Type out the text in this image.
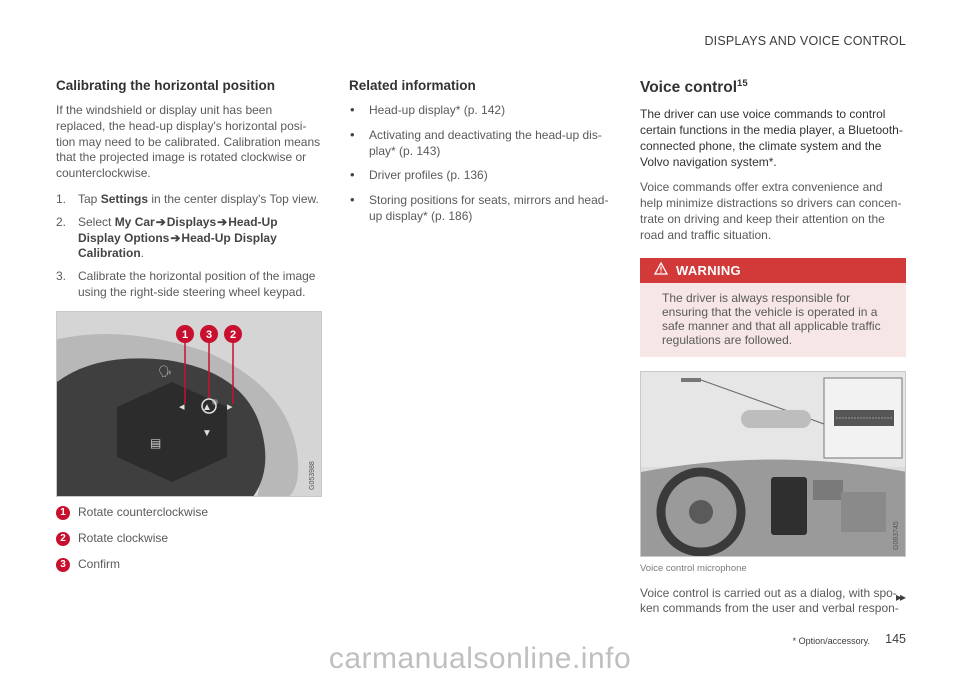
DISPLAYS AND VOICE CONTROL
Calibrating the horizontal position

If the windshield or display unit has been replaced, the head-up display's horizontal posi-tion may need to be calibrated. Calibration means that the projected image is rotated clockwise or counterclockwise.

1. Tap Settings in the center display's Top view.
2. Select My Car➔Displays➔Head-Up Display Options➔Head-Up Display Calibration.
3. Calibrate the horizontal position of the image using the right-side steering wheel keypad.
🗣
▤
▲
▼
◂	▸
1 3 2
G053988
1	Rotate counterclockwise
2	Rotate clockwise
3	Confirm
Related information
• Head-up display* (p. 142)
• Activating and deactivating the head-up dis-play* (p. 143)
• Driver profiles (p. 136)
• Storing positions for seats, mirrors and head-up display* (p. 186)
Voice control$^{15}$

The driver can use voice commands to control certain functions in the media player, a Bluetooth-connected phone, the climate system and the Volvo navigation system*.

Voice commands offer extra convenience and help minimize distractions so drivers can concen-trate on driving and keep their attention on the road and traffic situation.

WARNING
The driver is always responsible for ensuring that the vehicle is operated in a safe manner and that all applicable traffic regulations are followed.
G063745
Voice control microphone

Voice control is carried out as a dialog, with spo-ken commands from the user and verbal respon-

▸▸
* Option/accessory. 145
carmanualsonline.info
